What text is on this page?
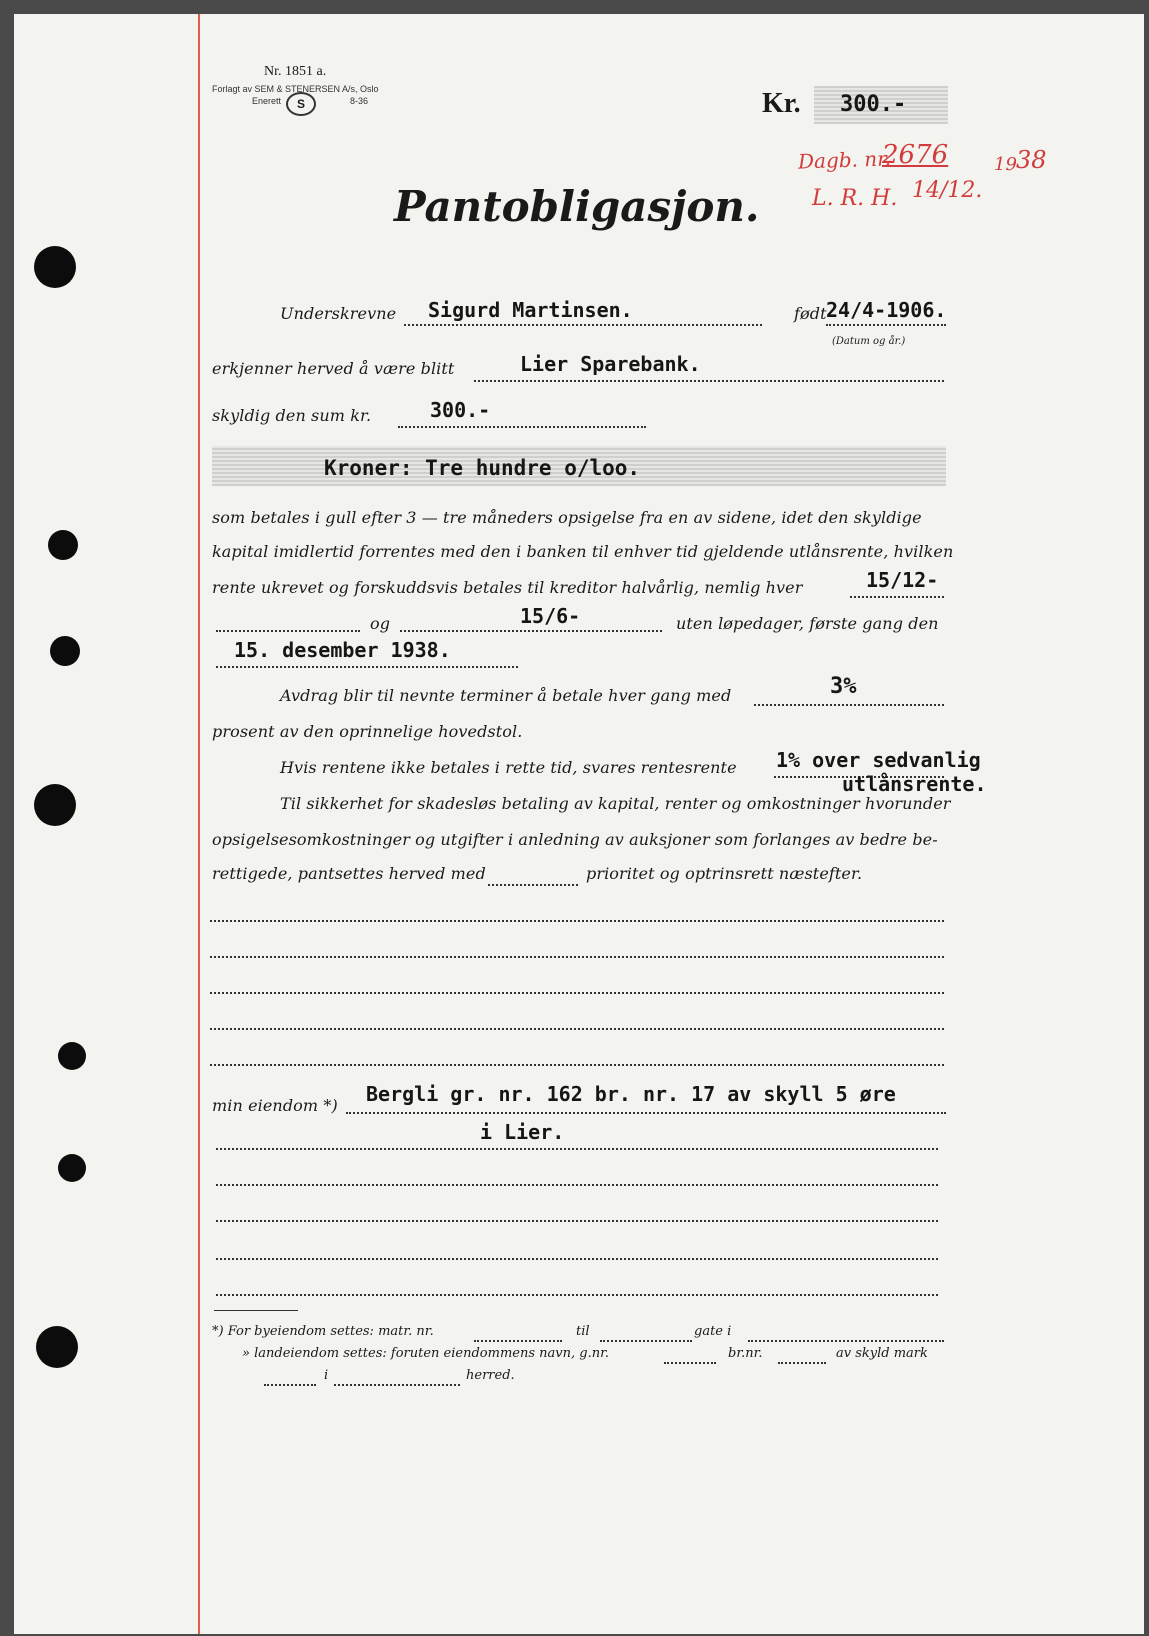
Nr. 1851 a.
Forlagt av SEM & STENERSEN A/s, Oslo
Enerett	S	8-36	Kr. 300.-
Dagb. nr.
2676	19 38
L. R. H. 14/12.
Pantobligasjon.
Underskrevne Sigurd Martinsen.	født 24/4-1906.
(Datum og år.)
erkjenner herved å være blitt	Lier Sparebank.
skyldig den sum kr.	300.-
Kroner: Tre hundre o/loo.
som betales i gull efter 3 — tre måneders opsigelse fra en av sidene, idet den skyldige
kapital imidlertid forrentes med den i banken til enhver tid gjeldende utlånsrente, hvilken
rente ukrevet og forskuddsvis betales til kreditor halvårlig, nemlig hver	15/12-
og	15/6-	uten løpedager, første gang den
15. desember 1938.
Avdrag blir til nevnte terminer å betale hver gang med	3%
prosent av den oprinnelige hovedstol.
Hvis rentene ikke betales i rette tid, svares rentesrente 1% over sedvanlig
utlånsrente.
Til sikkerhet for skadesløs betaling av kapital, renter og omkostninger hvorunder
opsigelsesomkostninger og utgifter i anledning av auksjoner som forlanges av bedre be-
rettigede, pantsettes herved med	prioritet og optrinsrett næstefter.
min eiendom *) Bergli gr. nr. 162 br. nr. 17 av skyll 5 øre
i Lier.
*) For byeiendom settes: matr. nr.	til	gate i
» landeiendom settes: foruten eiendommens navn, g.nr.	br.nr.	av skyld mark
i	herred.
